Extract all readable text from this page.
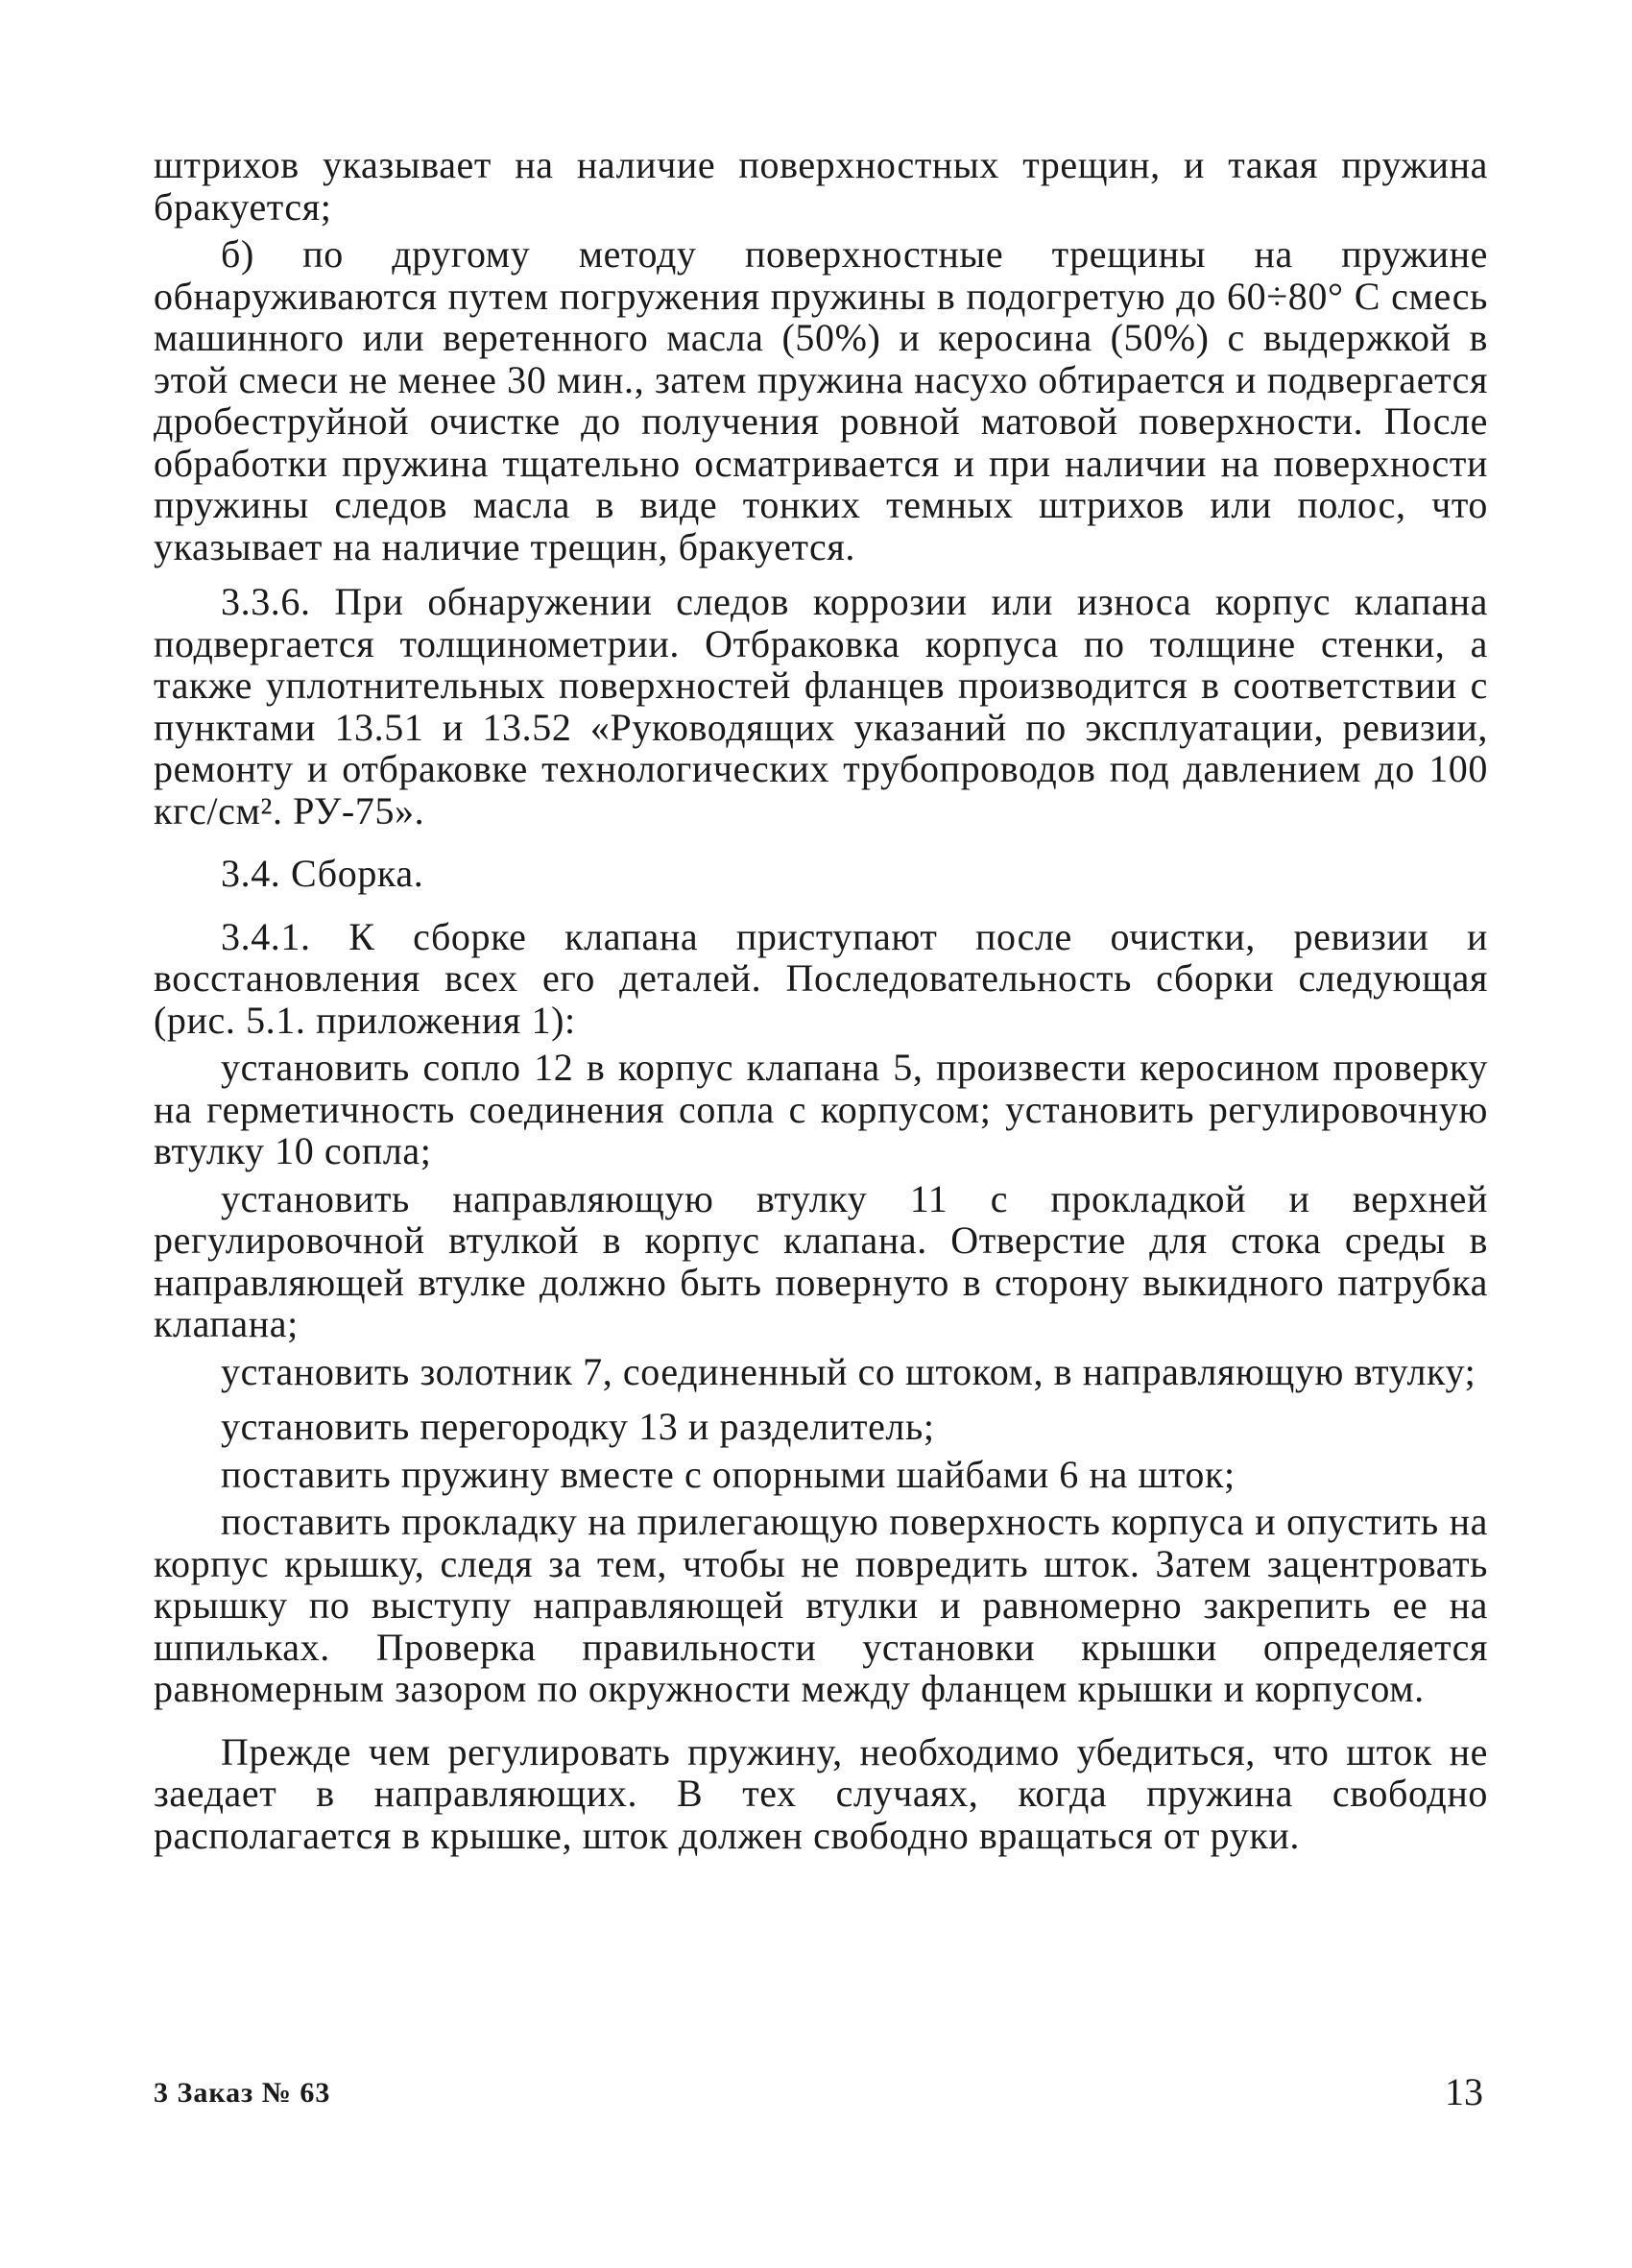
штрихов указывает на наличие поверхностных трещин, и такая пружина бракуется;

б) по другому методу поверхностные трещины на пружине обнаруживаются путем погружения пружины в подогретую до 60÷80° С смесь машинного или веретенного масла (50%) и керосина (50%) с выдержкой в этой смеси не менее 30 мин., затем пружина насухо обтирается и подвергается дробеструйной очистке до получения ровной матовой поверхности. После обработки пружина тщательно осматривается и при наличии на поверхности пружины следов масла в виде тонких темных штрихов или полос, что указывает на наличие трещин, бракуется.

3.3.6. При обнаружении следов коррозии или износа корпус клапана подвергается толщинометрии. Отбраковка корпуса по толщине стенки, а также уплотнительных поверхностей фланцев производится в соответствии с пунктами 13.51 и 13.52 «Руководящих указаний по эксплуатации, ревизии, ремонту и отбраковке технологических трубопроводов под давлением до 100 кгс/см². РУ-75».

3.4. Сборка.

3.4.1. К сборке клапана приступают после очистки, ревизии и восстановления всех его деталей. Последовательность сборки следующая (рис. 5.1. приложения 1):

установить сопло 12 в корпус клапана 5, произвести керосином проверку на герметичность соединения сопла с корпусом; установить регулировочную втулку 10 сопла;

установить направляющую втулку 11 с прокладкой и верхней регулировочной втулкой в корпус клапана. Отверстие для стока среды в направляющей втулке должно быть повернуто в сторону выкидного патрубка клапана;

установить золотник 7, соединенный со штоком, в направляющую втулку;

установить перегородку 13 и разделитель;

поставить пружину вместе с опорными шайбами 6 на шток;

поставить прокладку на прилегающую поверхность корпуса и опустить на корпус крышку, следя за тем, чтобы не повредить шток. Затем зацентровать крышку по выступу направляющей втулки и равномерно закрепить ее на шпильках. Проверка правильности установки крышки определяется равномерным зазором по окружности между фланцем крышки и корпусом.

Прежде чем регулировать пружину, необходимо убедиться, что шток не заедает в направляющих. В тех случаях, когда пружина свободно располагается в крышке, шток должен свободно вращаться от руки.

3 Заказ № 63	13
